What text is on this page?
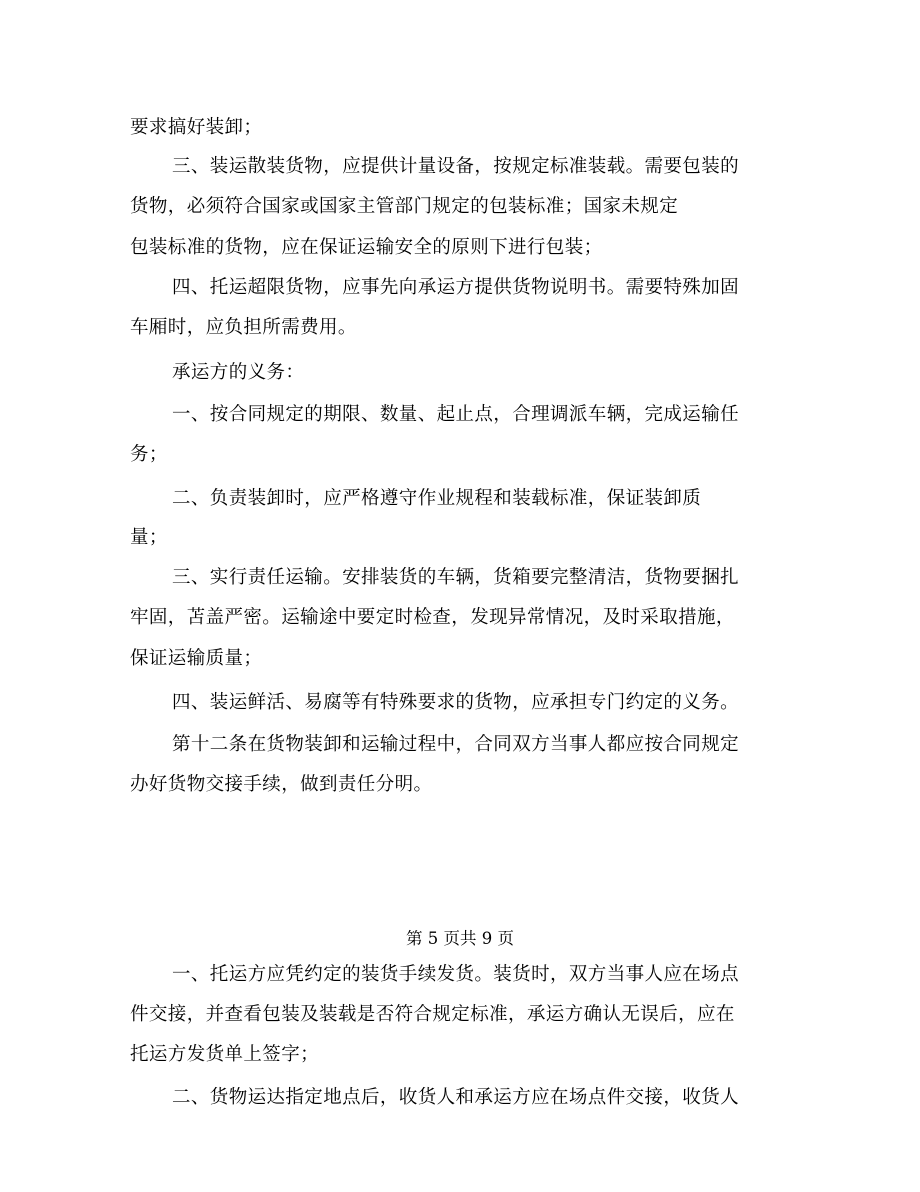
要求搞好装卸；
三、装运散装货物，应提供计量设备，按规定标准装载。需要包装的
货物，必须符合国家或国家主管部门规定的包装标准；国家未规定
包装标准的货物，应在保证运输安全的原则下进行包装；
四、托运超限货物，应事先向承运方提供货物说明书。需要特殊加固
车厢时，应负担所需费用。
承运方的义务：
一、按合同规定的期限、数量、起止点，合理调派车辆，完成运输任
务；
二、负责装卸时，应严格遵守作业规程和装载标准，保证装卸质
量；
三、实行责任运输。安排装货的车辆，货箱要完整清洁，货物要捆扎
牢固，苫盖严密。运输途中要定时检查，发现异常情况，及时采取措施，
保证运输质量；
四、装运鲜活、易腐等有特殊要求的货物，应承担专门约定的义务。
第十二条在货物装卸和运输过程中，合同双方当事人都应按合同规定
办好货物交接手续，做到责任分明。
第 5 页共 9 页
一、托运方应凭约定的装货手续发货。装货时，双方当事人应在场点
件交接，并查看包装及装载是否符合规定标准，承运方确认无误后，应在
托运方发货单上签字；
二、货物运达指定地点后，收货人和承运方应在场点件交接，收货人
